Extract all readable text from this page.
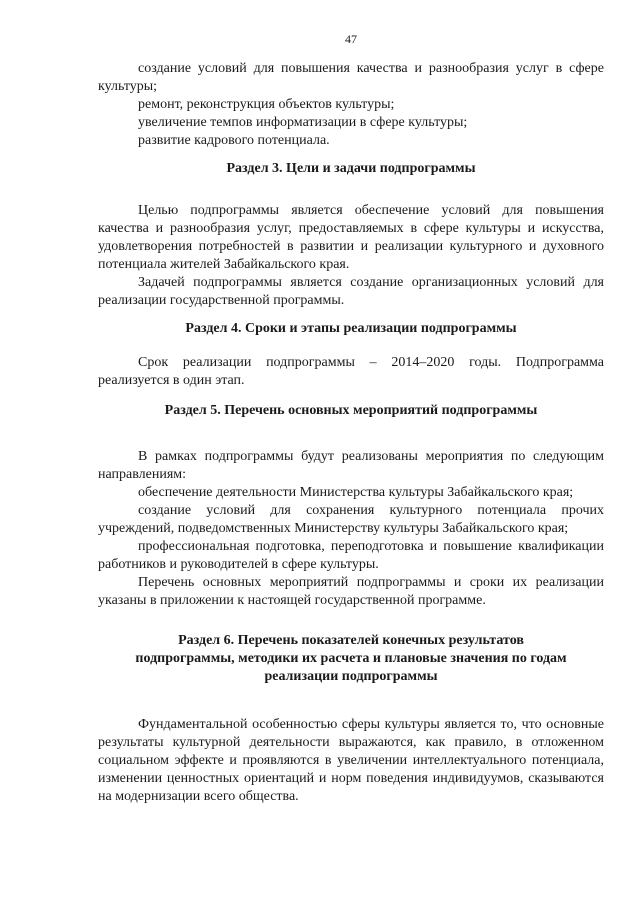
47

создание условий для повышения качества и разнообразия услуг в сфере культуры;

ремонт, реконструкция объектов культуры;

увеличение темпов информатизации в сфере культуры;

развитие кадрового потенциала.

Раздел 3. Цели и задачи подпрограммы

Целью подпрограммы является обеспечение условий для повышения качества и разнообразия услуг, предоставляемых в сфере культуры и искусства, удовлетворения потребностей в развитии и реализации культурного и духовного потенциала жителей Забайкальского края.

Задачей подпрограммы является создание организационных условий для реализации государственной программы.

Раздел 4. Сроки и этапы реализации подпрограммы

Срок реализации подпрограммы – 2014–2020 годы. Подпрограмма реализуется в один этап.

Раздел 5. Перечень основных мероприятий подпрограммы

В рамках подпрограммы будут реализованы мероприятия по следующим направлениям:

обеспечение деятельности Министерства культуры Забайкальского края;

создание условий для сохранения культурного потенциала прочих учреждений, подведомственных Министерству культуры Забайкальского края;

профессиональная подготовка, переподготовка и повышение квалификации работников и руководителей в сфере культуры.

Перечень основных мероприятий подпрограммы и сроки их реализации указаны в приложении к настоящей государственной программе.

Раздел 6. Перечень показателей конечных результатов
подпрограммы, методики их расчета и плановые значения по годам
реализации подпрограммы

Фундаментальной особенностью сферы культуры является то, что основные результаты культурной деятельности выражаются, как правило, в отложенном социальном эффекте и проявляются в увеличении интеллектуального потенциала, изменении ценностных ориентаций и норм поведения индивидуумов, сказываются на модернизации всего общества.
